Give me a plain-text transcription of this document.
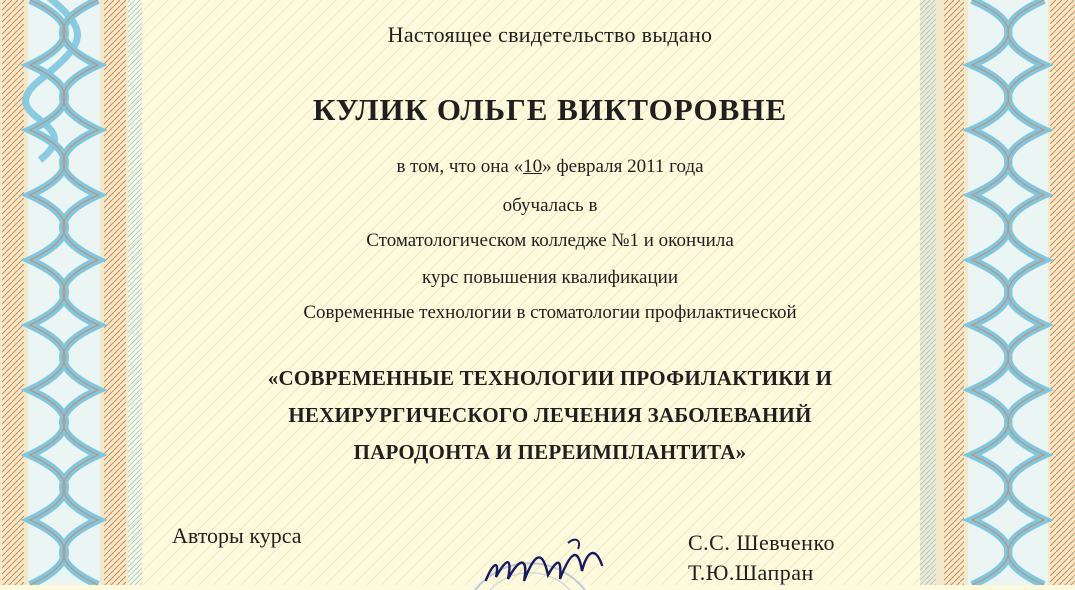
Настоящее свидетельство выдано
КУЛИК ОЛЬГЕ ВИКТОРОВНЕ
в том, что она «10» февраля 2011 года
обучалась в
Стоматологическом колледже №1 и окончила
курс повышения квалификации
Современные технологии в стоматологии профилактической
«СОВРЕМЕННЫЕ ТЕХНОЛОГИИ ПРОФИЛАКТИКИ И
НЕХИРУРГИЧЕСКОГО ЛЕЧЕНИЯ ЗАБОЛЕВАНИЙ
ПАРОДОНТА И ПЕРЕИМПЛАНТИТА»
Авторы курса	С.С. Шевченко
Т.Ю.Шапран
